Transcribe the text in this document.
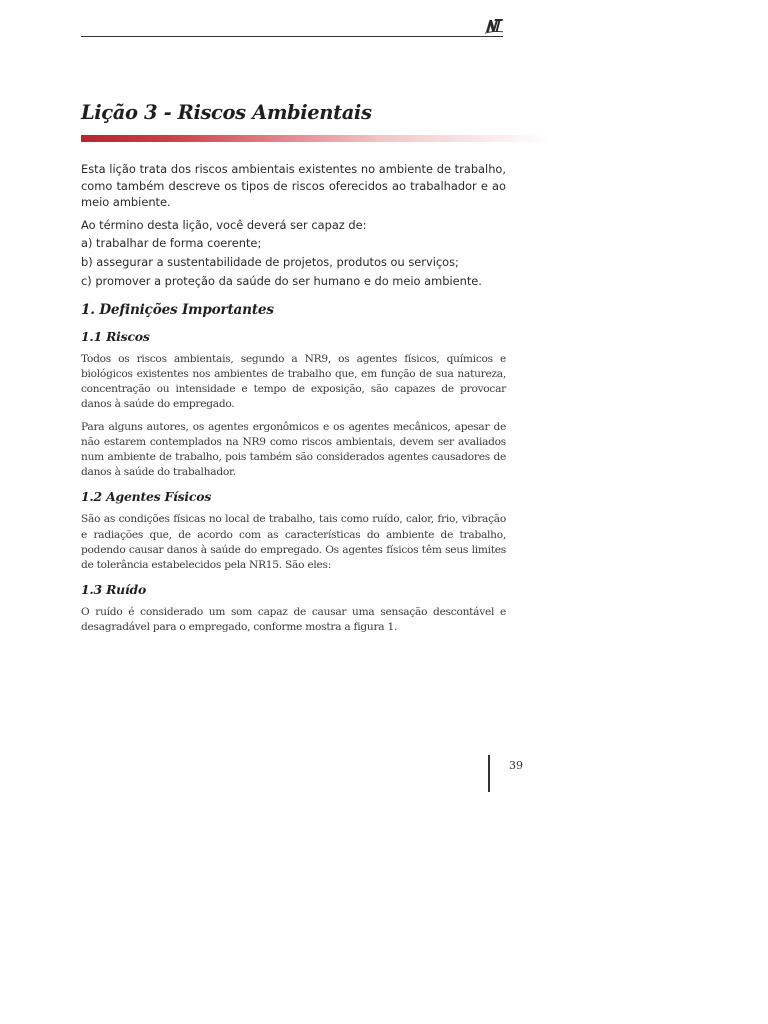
Lição 3 - Riscos Ambientais

Esta lição trata dos riscos ambientais existentes no ambiente de trabalho, como também descreve os tipos de riscos oferecidos ao trabalhador e ao meio ambiente.

Ao término desta lição, você deverá ser capaz de:

a) trabalhar de forma coerente;

b) assegurar a sustentabilidade de projetos, produtos ou serviços;

c) promover a proteção da saúde do ser humano e do meio ambiente.

1. Definições Importantes
1.1 Riscos

Todos os riscos ambientais, segundo a NR9, os agentes físicos, químicos e biológicos existentes nos ambientes de trabalho que, em função de sua natureza, concentração ou intensidade e tempo de exposição, são capazes de provocar danos à saúde do empregado.

Para alguns autores, os agentes ergonômicos e os agentes mecânicos, apesar de não estarem contemplados na NR9 como riscos ambientais, devem ser avaliados num ambiente de trabalho, pois também são considerados agentes causadores de danos à saúde do trabalhador.

1.2 Agentes Físicos

São as condições físicas no local de trabalho, tais como ruído, calor, frio, vibração e radiações que, de acordo com as características do ambiente de trabalho, podendo causar danos à saúde do empregado. Os agentes físicos têm seus limites de tolerância estabelecidos pela NR15. São eles:

1.3 Ruído

O ruído é considerado um som capaz de causar uma sensação descontável e desagradável para o empregado, conforme mostra a figura 1.

39
